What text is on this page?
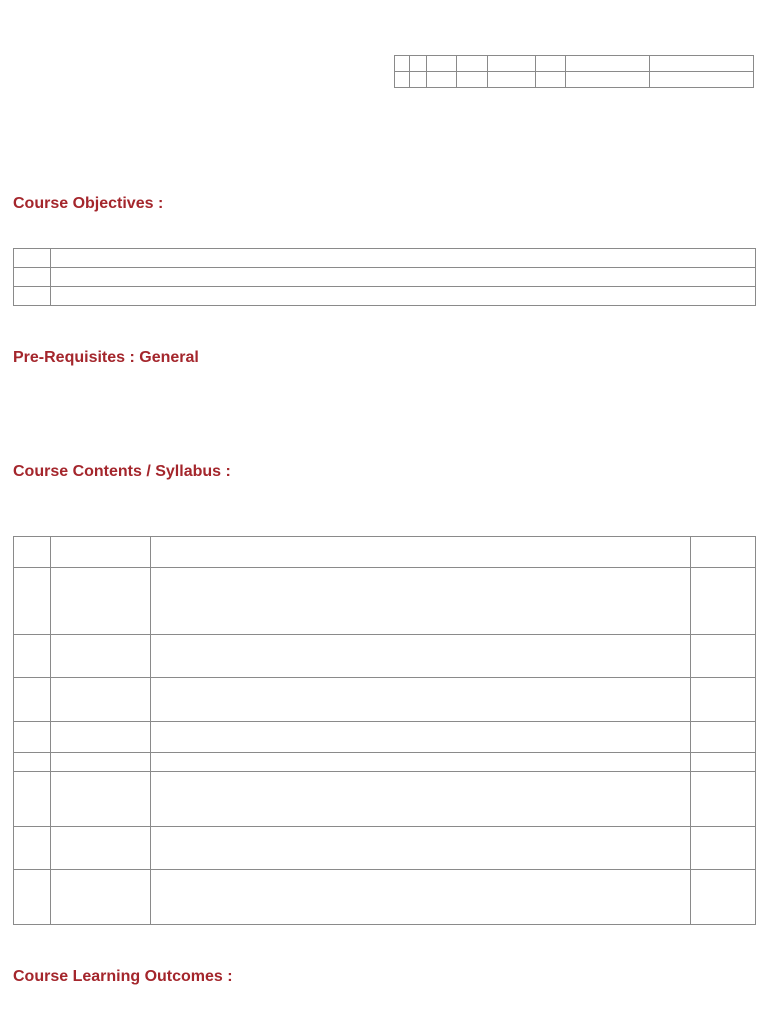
Course Objectives :

Pre-Requisites : General
Course Contents / Syllabus :

Course Learning Outcomes :
